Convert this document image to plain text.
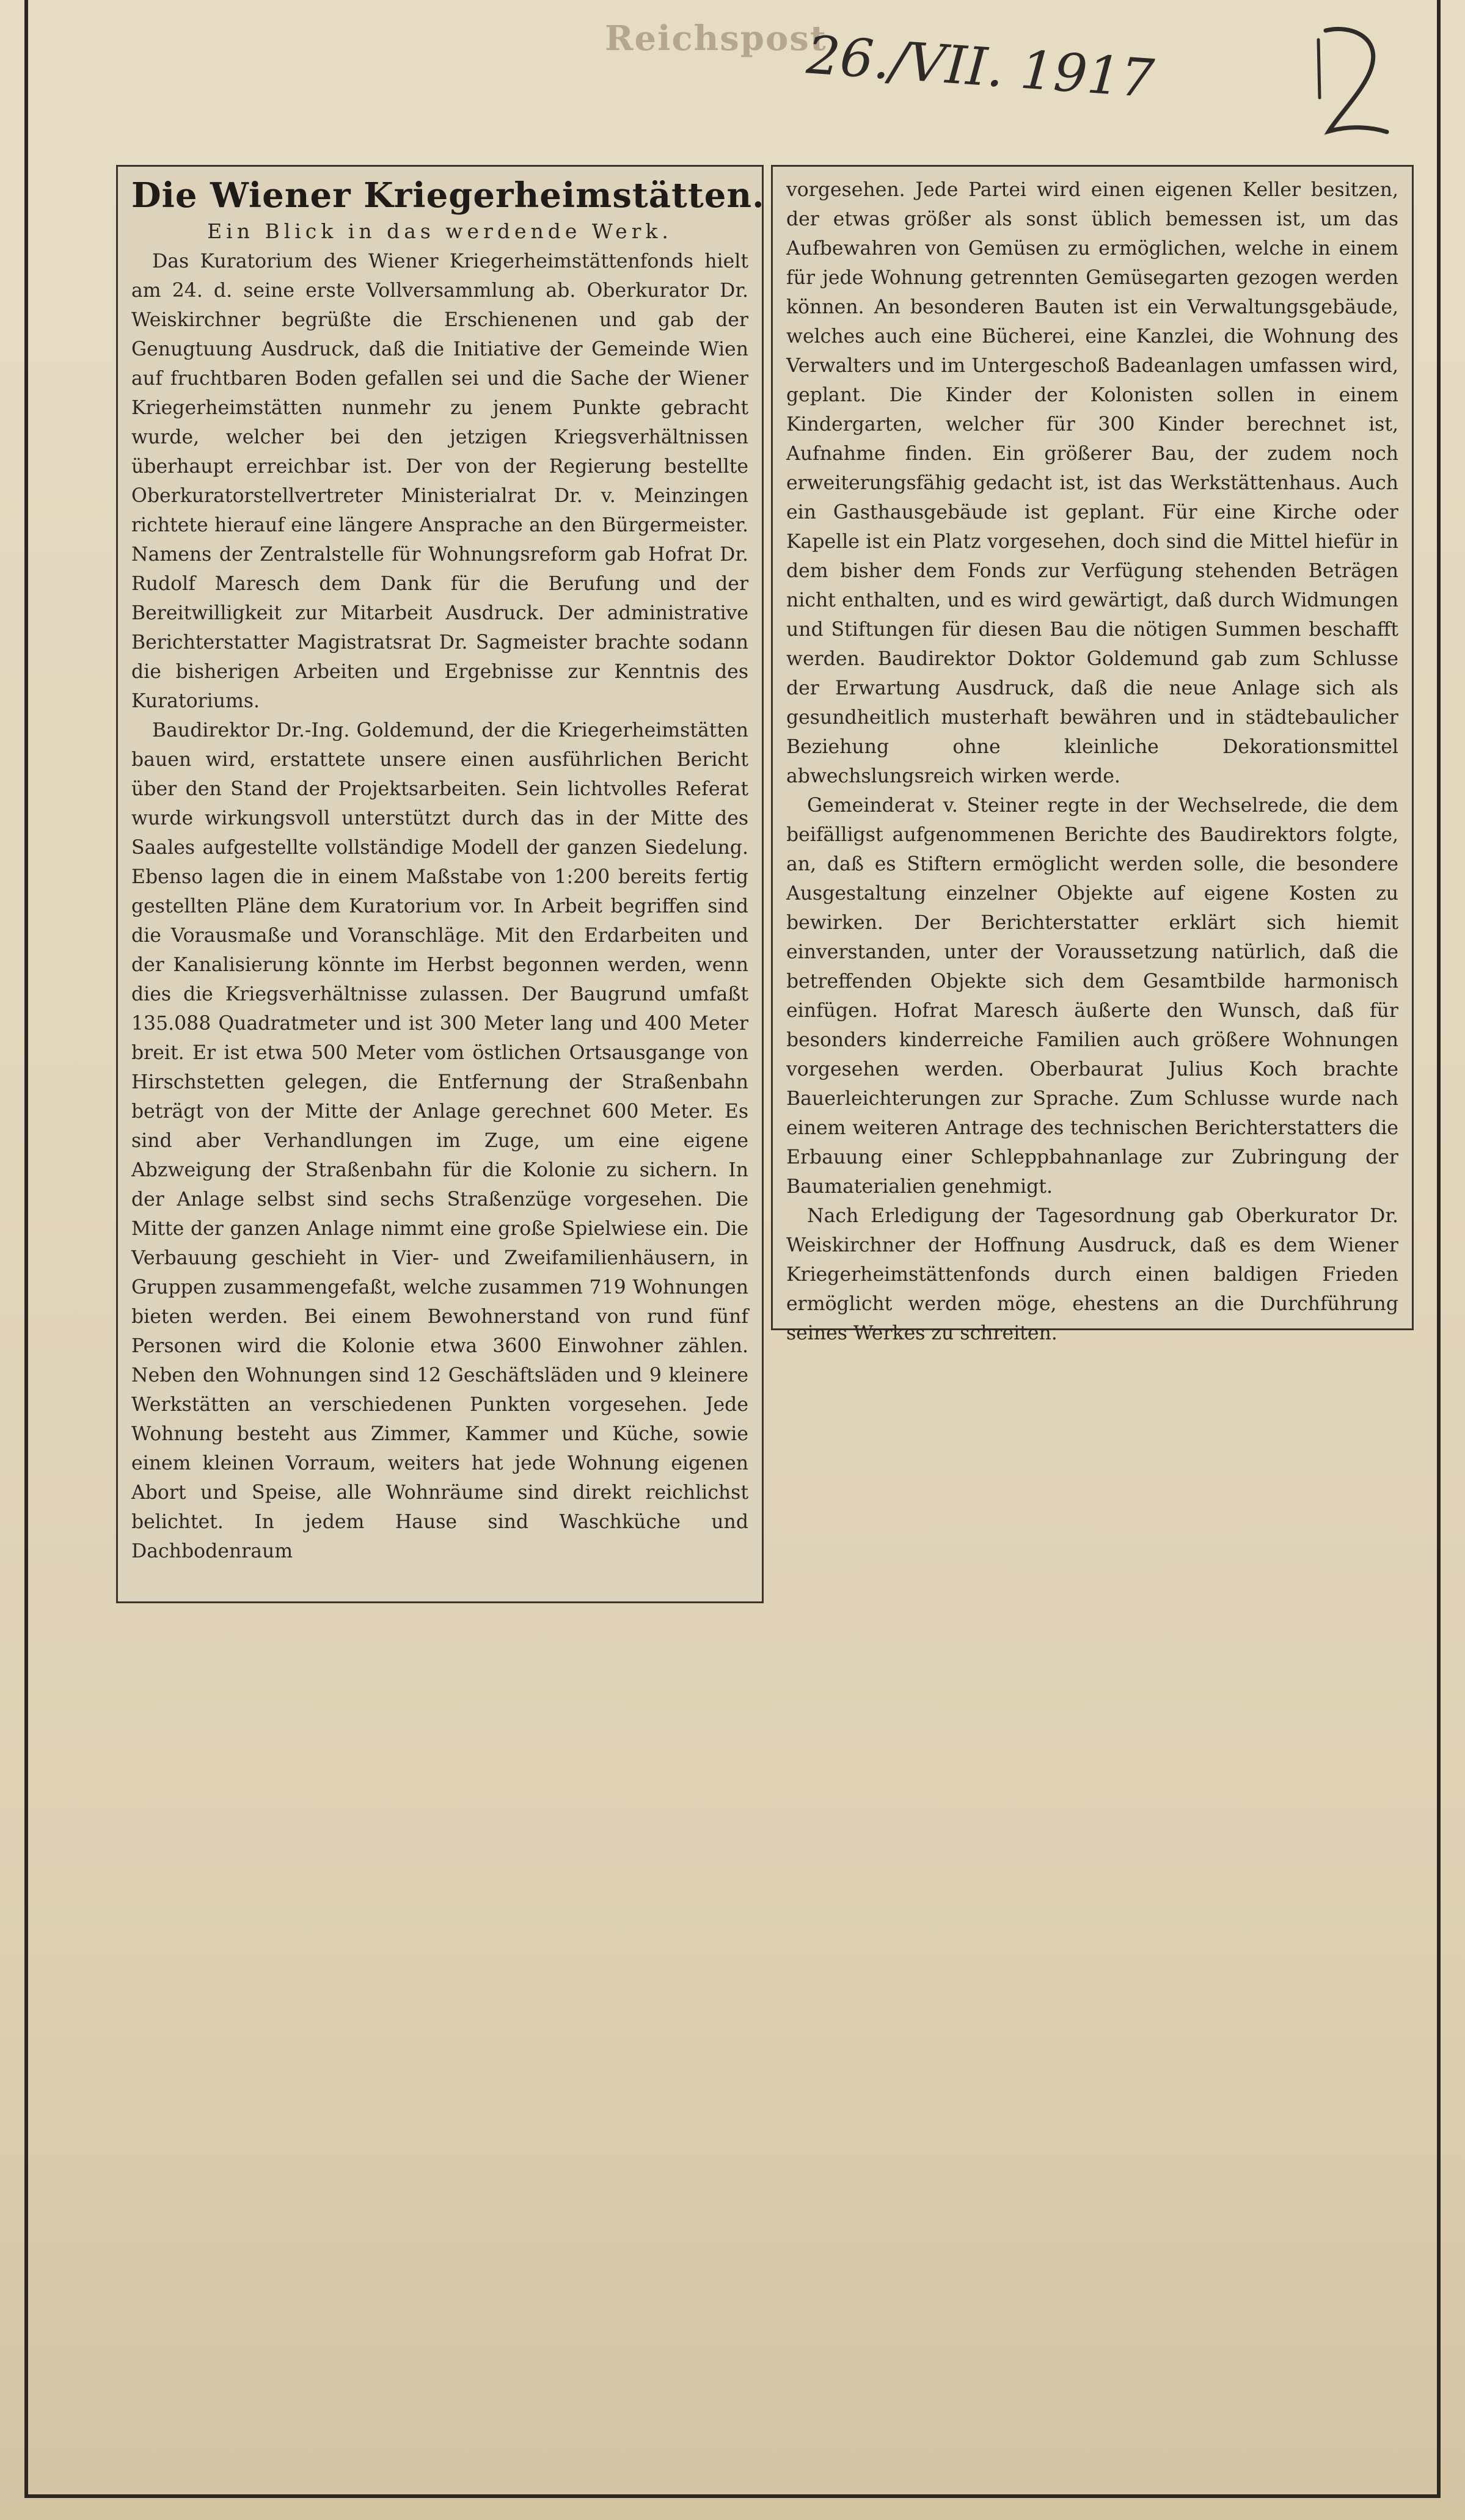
Reichspost
26./VII. 1917
Die Wiener Kriegerheimstätten.
Ein Blick in das werdende Werk.

Das Kuratorium des Wiener Kriegerheimstättenfonds hielt am 24. d. seine erste Vollversammlung ab. Oberkurator Dr. Weiskirchner begrüßte die Erschienenen und gab der Genugtuung Ausdruck, daß die Initiative der Gemeinde Wien auf fruchtbaren Boden gefallen sei und die Sache der Wiener Kriegerheimstätten nunmehr zu jenem Punkte gebracht wurde, welcher bei den jetzigen Kriegsverhältnissen überhaupt erreichbar ist. Der von der Regierung bestellte Oberkuratorstellvertreter Ministerialrat Dr. v. Meinzingen richtete hierauf eine längere Ansprache an den Bürgermeister. Namens der Zentralstelle für Wohnungsreform gab Hofrat Dr. Rudolf Maresch dem Dank für die Berufung und der Bereitwilligkeit zur Mitarbeit Ausdruck. Der administrative Berichterstatter Magistratsrat Dr. Sagmeister brachte sodann die bisherigen Arbeiten und Ergebnisse zur Kenntnis des Kuratoriums.

Baudirektor Dr.-Ing. Goldemund, der die Kriegerheimstätten bauen wird, erstattete unsere einen ausführlichen Bericht über den Stand der Projektsarbeiten. Sein lichtvolles Referat wurde wirkungsvoll unterstützt durch das in der Mitte des Saales aufgestellte vollständige Modell der ganzen Siedelung. Ebenso lagen die in einem Maßstabe von 1:200 bereits fertig gestellten Pläne dem Kuratorium vor. In Arbeit begriffen sind die Vorausmaße und Voranschläge. Mit den Erdarbeiten und der Kanalisierung könnte im Herbst begonnen werden, wenn dies die Kriegsverhältnisse zulassen. Der Baugrund umfaßt 135.088 Quadratmeter und ist 300 Meter lang und 400 Meter breit. Er ist etwa 500 Meter vom östlichen Ortsausgange von Hirschstetten gelegen, die Entfernung der Straßenbahn beträgt von der Mitte der Anlage gerechnet 600 Meter. Es sind aber Verhandlungen im Zuge, um eine eigene Abzweigung der Straßenbahn für die Kolonie zu sichern. In der Anlage selbst sind sechs Straßenzüge vorgesehen. Die Mitte der ganzen Anlage nimmt eine große Spielwiese ein. Die Verbauung geschieht in Vier- und Zweifamilienhäusern, in Gruppen zusammengefaßt, welche zusammen 719 Wohnungen bieten werden. Bei einem Bewohnerstand von rund fünf Personen wird die Kolonie etwa 3600 Einwohner zählen. Neben den Wohnungen sind 12 Geschäftsläden und 9 kleinere Werkstätten an verschiedenen Punkten vorgesehen. Jede Wohnung besteht aus Zimmer, Kammer und Küche, sowie einem kleinen Vorraum, weiters hat jede Wohnung eigenen Abort und Speise, alle Wohnräume sind direkt reichlichst belichtet. In jedem Hause sind Waschküche und Dachbodenraum

vorgesehen. Jede Partei wird einen eigenen Keller besitzen, der etwas größer als sonst üblich bemessen ist, um das Aufbewahren von Gemüsen zu ermöglichen, welche in einem für jede Wohnung getrennten Gemüsegarten gezogen werden können. An besonderen Bauten ist ein Verwaltungsgebäude, welches auch eine Bücherei, eine Kanzlei, die Wohnung des Verwalters und im Untergeschoß Badeanlagen umfassen wird, geplant. Die Kinder der Kolonisten sollen in einem Kindergarten, welcher für 300 Kinder berechnet ist, Aufnahme finden. Ein größerer Bau, der zudem noch erweiterungsfähig gedacht ist, ist das Werkstättenhaus. Auch ein Gasthausgebäude ist geplant. Für eine Kirche oder Kapelle ist ein Platz vorgesehen, doch sind die Mittel hiefür in dem bisher dem Fonds zur Verfügung stehenden Beträgen nicht enthalten, und es wird gewärtigt, daß durch Widmungen und Stiftungen für diesen Bau die nötigen Summen beschafft werden. Baudirektor Doktor Goldemund gab zum Schlusse der Erwartung Ausdruck, daß die neue Anlage sich als gesundheitlich musterhaft bewähren und in städtebaulicher Beziehung ohne kleinliche Dekorationsmittel abwechslungsreich wirken werde.

Gemeinderat v. Steiner regte in der Wechselrede, die dem beifälligst aufgenommenen Berichte des Baudirektors folgte, an, daß es Stiftern ermöglicht werden solle, die besondere Ausgestaltung einzelner Objekte auf eigene Kosten zu bewirken. Der Berichterstatter erklärt sich hiemit einverstanden, unter der Voraussetzung natürlich, daß die betreffenden Objekte sich dem Gesamtbilde harmonisch einfügen. Hofrat Maresch äußerte den Wunsch, daß für besonders kinderreiche Familien auch größere Wohnungen vorgesehen werden. Oberbaurat Julius Koch brachte Bauerleichterungen zur Sprache. Zum Schlusse wurde nach einem weiteren Antrage des technischen Berichterstatters die Erbauung einer Schleppbahnanlage zur Zubringung der Baumaterialien genehmigt.

Nach Erledigung der Tagesordnung gab Oberkurator Dr. Weiskirchner der Hoffnung Ausdruck, daß es dem Wiener Kriegerheimstättenfonds durch einen baldigen Frieden ermöglicht werden möge, ehestens an die Durchführung seines Werkes zu schreiten.
